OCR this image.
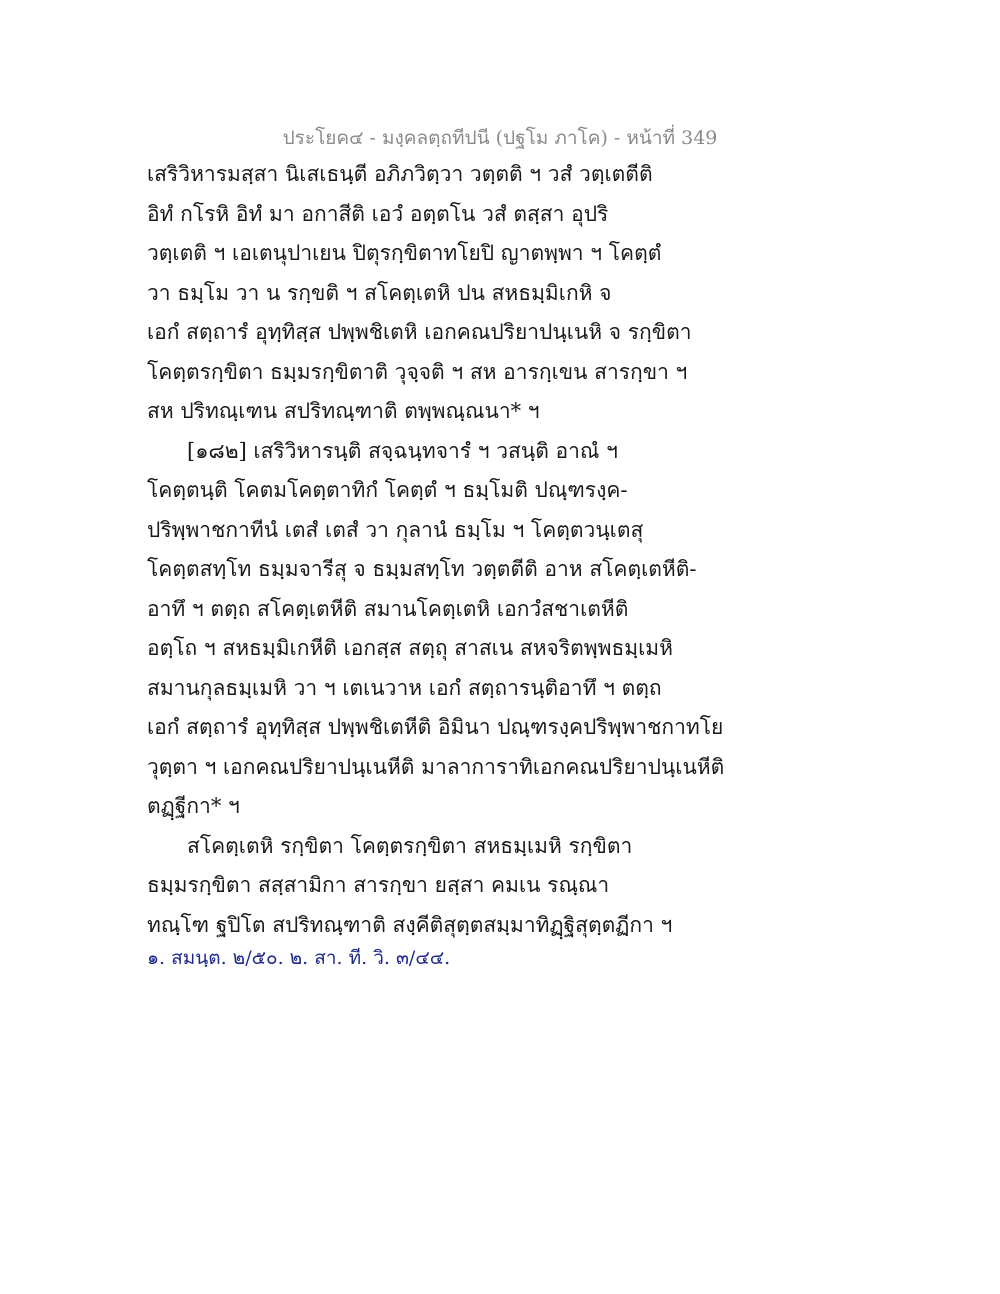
ประโยค๔ - มงฺคลตฺถทีปนี (ปฐโม ภาโค) - หน้าที่ 349
เสริวิหารมสฺสา นิเสเธนฺตี อภิภวิตฺวา วตฺตติ ฯ วสํ วตฺเตตีติ
อิทํ กโรหิ อิทํ มา อกาสีติ เอวํ อตฺตโน วสํ ตสฺสา อุปริ
วตฺเตติ ฯ เอเตนุปาเยน ปิตุรกฺขิตาทโยปิ ญาตพฺพา ฯ โคตฺตํ
วา ธมฺโม วา น รกฺขติ ฯ สโคตฺเตหิ ปน สหธมฺมิเกหิ จ
เอกํ สตฺถารํ อุทฺทิสฺส ปพฺพชิเตหิ เอกคณปริยาปนฺเนหิ จ รกฺขิตา
โคตฺตรกฺขิตา ธมฺมรกฺขิตาติ วุจฺจติ ฯ สห อารกฺเขน สารกฺขา ฯ
สห ปริทณฺเฑน สปริทณฺฑาติ ตพฺพณฺณนา* ฯ
[๑๘๒] เสริวิหารนฺติ สจฺฉนฺทจารํ ฯ วสนฺติ อาณํ ฯ
โคตฺตนฺติ โคตมโคตฺตาทิกํ โคตฺตํ ฯ ธมฺโมติ ปณฺฑรงฺค-
ปริพฺพาชกาทีนํ เตสํ เตสํ วา กุลานํ ธมฺโม ฯ โคตฺตวนฺเตสุ
โคตฺตสทฺโท ธมฺมจารีสุ จ ธมฺมสทฺโท วตฺตตีติ อาห สโคตฺเตหีติ-
อาทึ ฯ ตตฺถ สโคตฺเตหีติ สมานโคตฺเตหิ เอกวํสชาเตหีติ
อตฺโถ ฯ สหธมฺมิเกหีติ เอกสฺส สตฺถุ สาสเน สหจริตพฺพธมฺเมหิ
สมานกุลธมฺเมหิ วา ฯ เตเนวาห เอกํ สตฺถารนฺติอาทึ ฯ ตตฺถ
เอกํ สตฺถารํ อุทฺทิสฺส ปพฺพชิเตหีติ อิมินา ปณฺฑรงฺคปริพฺพาชกาทโย
วุตฺตา ฯ เอกคณปริยาปนฺเนหีติ มาลาการาทิเอกคณปริยาปนฺเนหีติ
ตฏฺฐีกา* ฯ
สโคตฺเตหิ รกฺขิตา โคตฺตรกฺขิตา สหธมฺเมหิ รกฺขิตา
ธมฺมรกฺขิตา สสฺสามิกา สารกฺขา ยสฺสา คมเน รณฺณา
ทณฺโฑ ฐปิโต สปริทณฺฑาติ สงฺคีติสุตฺตสมฺมาทิฏฺฐิสุตฺตฏีกา ฯ
๑. สมนฺต. ๒/๕๐. ๒. สา. ที. วิ. ๓/๔๔.
